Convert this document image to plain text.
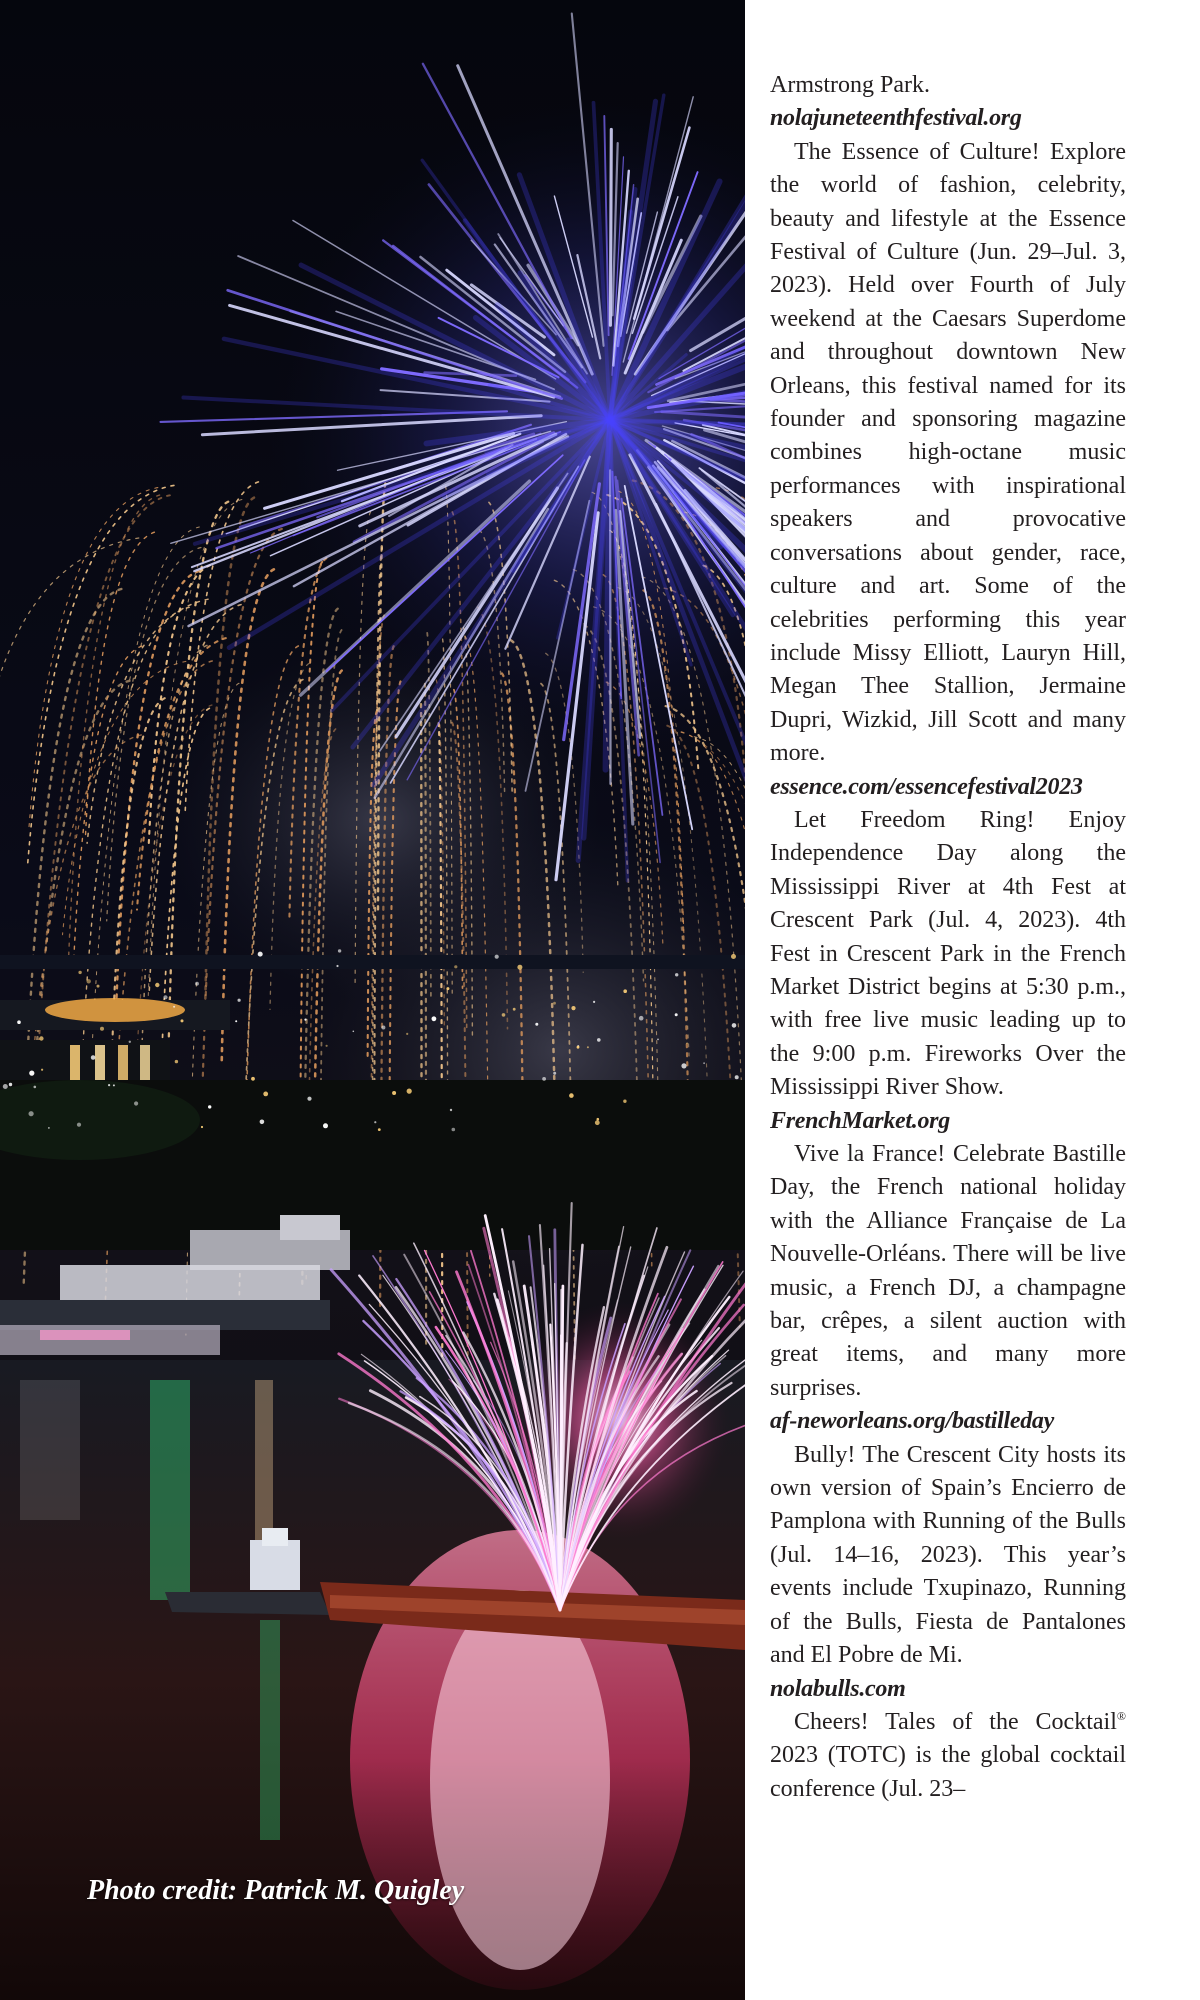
Photo credit: Patrick M. Quigley

Armstrong Park.

nolajuneteenthfestival.org

The Essence of Culture! Explore the world of fashion, celebrity, beauty and lifestyle at the Essence Festival of Culture (Jun. 29–Jul. 3, 2023). Held over Fourth of July weekend at the Caesars Superdome and throughout downtown New Orleans, this festival named for its founder and sponsoring magazine combines high-octane music performances with inspirational speakers and provocative conversations about gender, race, culture and art. Some of the celebrities performing this year include Missy Elliott, Lauryn Hill, Megan Thee Stallion, Jermaine Dupri, Wizkid, Jill Scott and many more.

essence.com/essencefestival2023

Let Freedom Ring! Enjoy Independence Day along the Mississippi River at 4th Fest at Crescent Park (Jul. 4, 2023). 4th Fest in Crescent Park in the French Market District begins at 5:30 p.m., with free live music leading up to the 9:00 p.m. Fireworks Over the Mississippi River Show.

FrenchMarket.org

Vive la France! Celebrate Bastille Day, the French national holiday with the Alliance Française de La Nouvelle-Orléans. There will be live music, a French DJ, a champagne bar, crêpes, a silent auction with great items, and many more surprises.

af-neworleans.org/bastilleday

Bully! The Crescent City hosts its own version of Spain’s Encierro de Pamplona with Running of the Bulls (Jul. 14–16, 2023). This year’s events include Txupinazo, Running of the Bulls, Fiesta de Pantalones and El Pobre de Mi.

nolabulls.com

Cheers! Tales of the Cocktail® 2023 (TOTC) is the global cocktail conference (Jul. 23–
